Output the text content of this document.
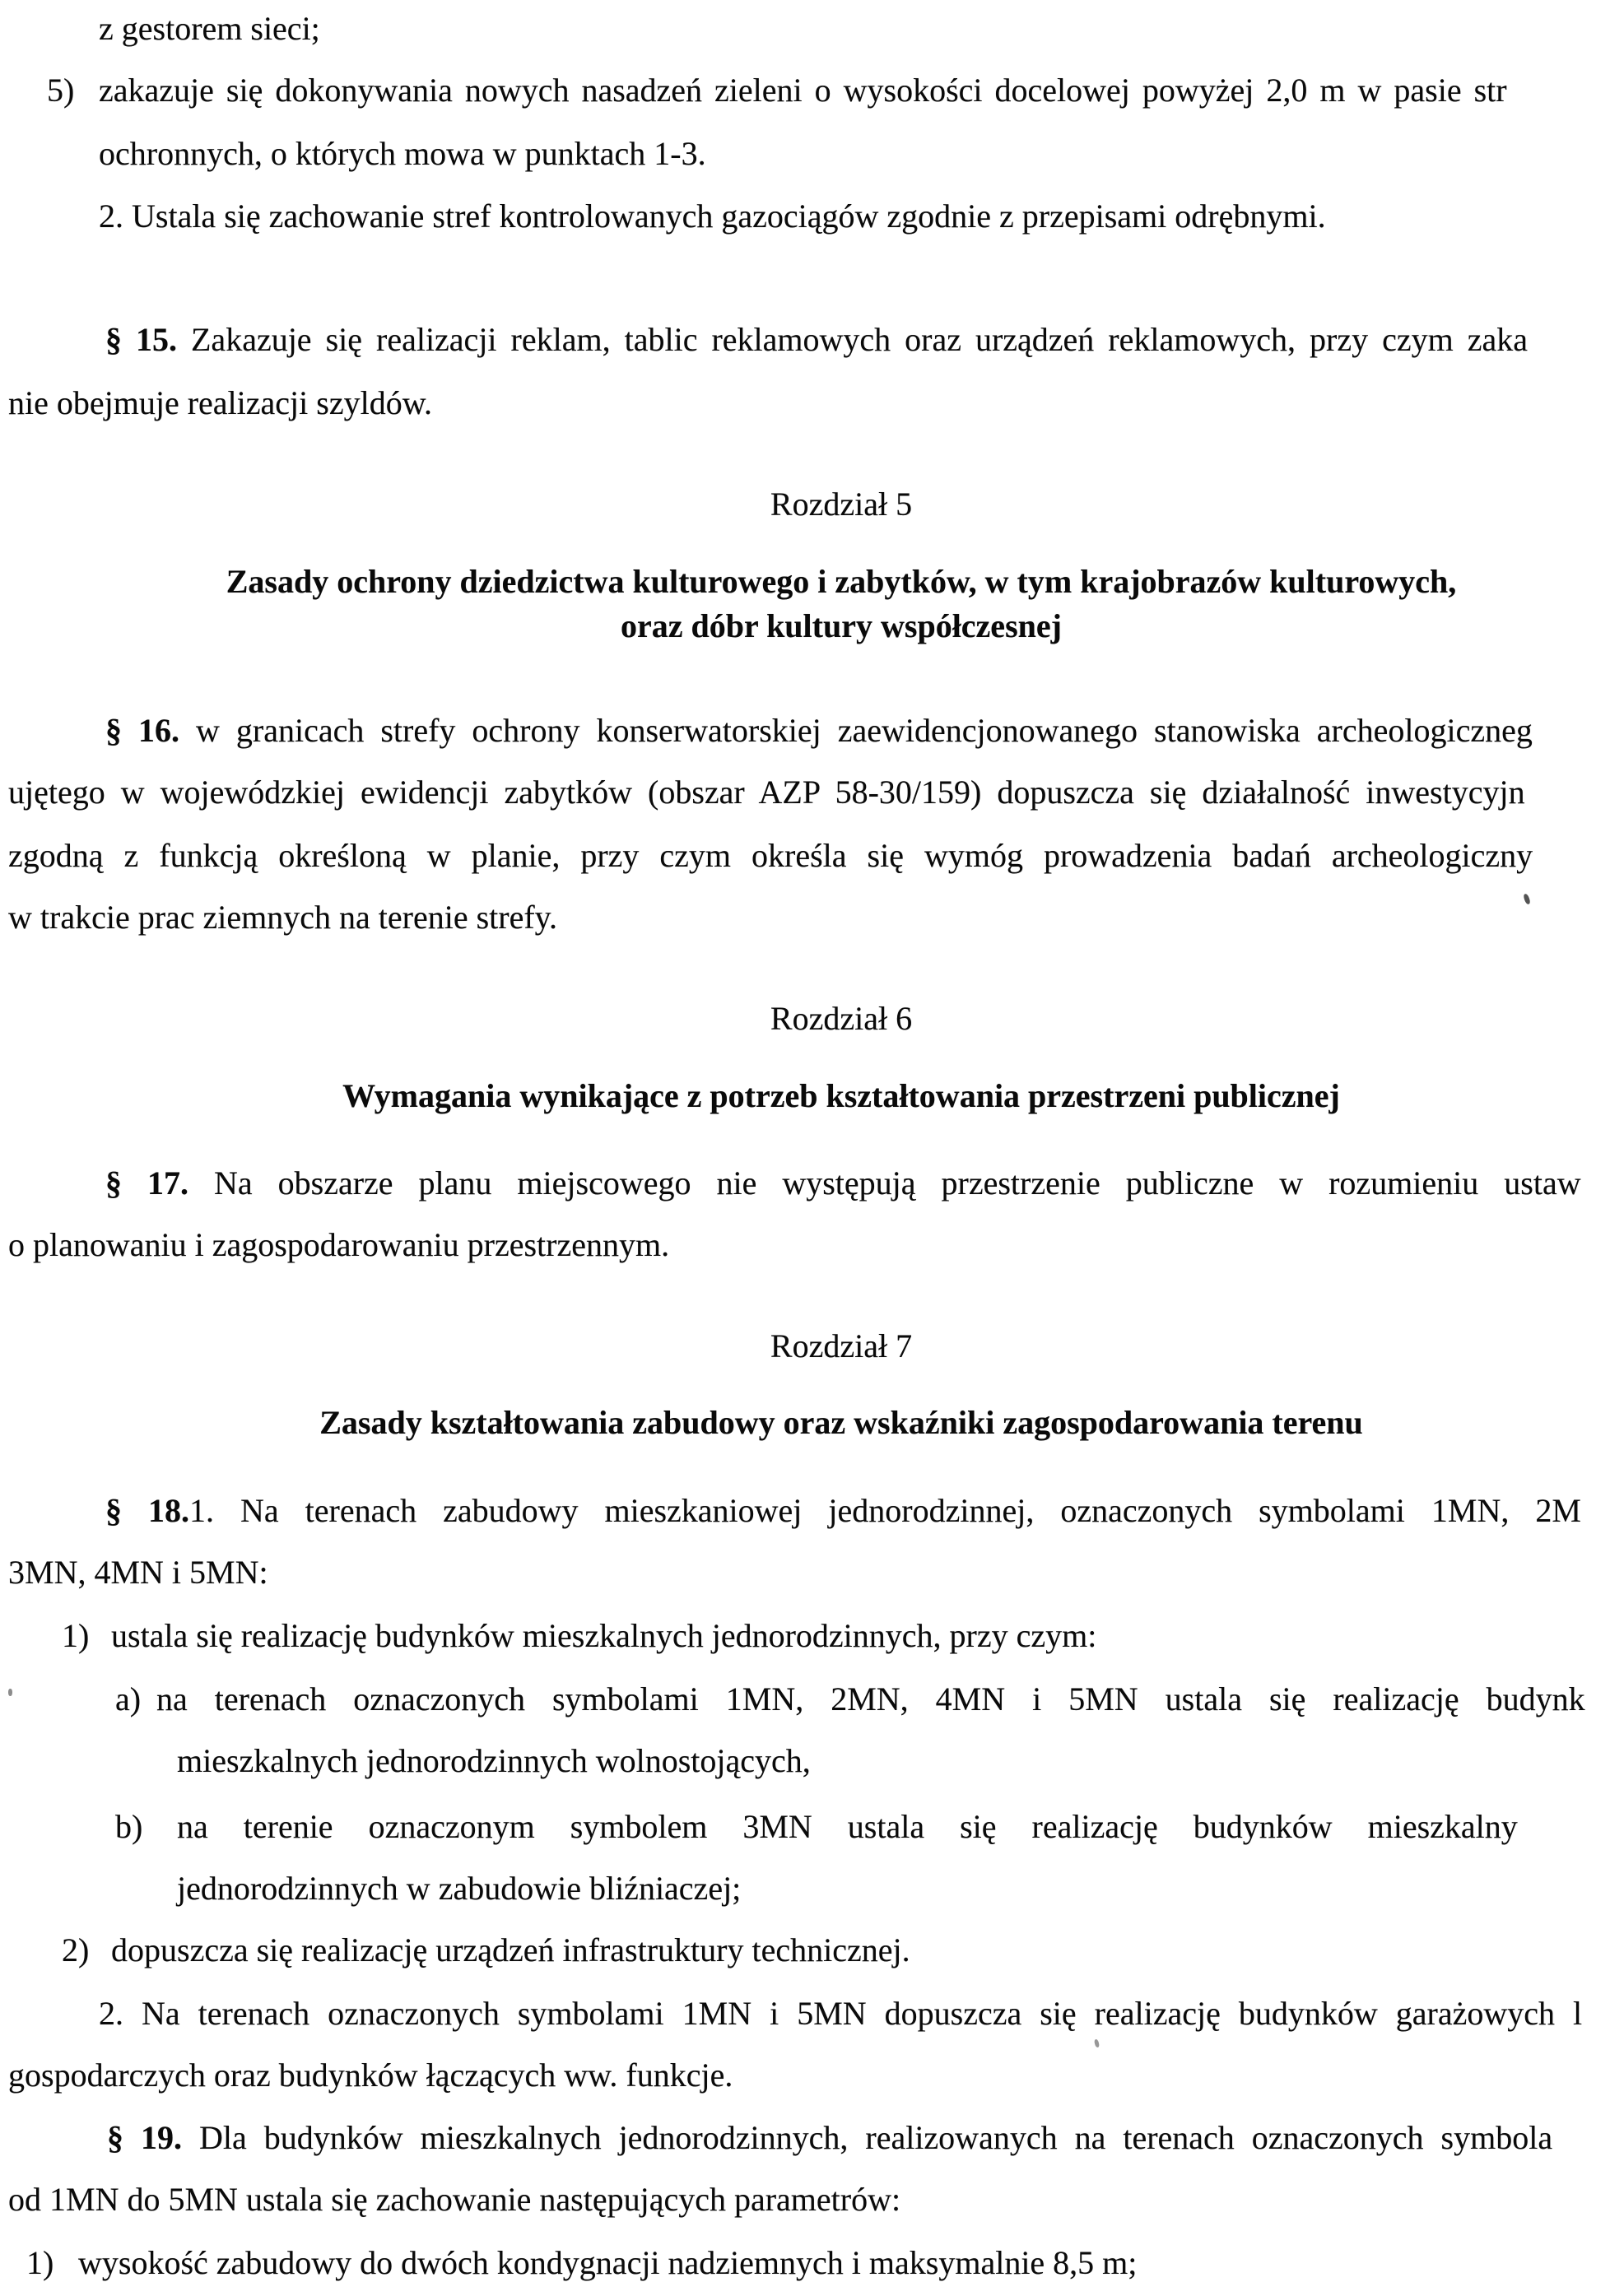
z gestorem sieci;
5) zakazuje się dokonywania nowych nasadzeń zieleni o wysokości docelowej powyżej 2,0 m w pasie str
ochronnych, o których mowa w punktach 1-3.
2. Ustala się zachowanie stref kontrolowanych gazociągów zgodnie z przepisami odrębnymi.
§ 15. Zakazuje się realizacji reklam, tablic reklamowych oraz urządzeń reklamowych, przy czym zaka
nie obejmuje realizacji szyldów.
Rozdział 5
Zasady ochrony dziedzictwa kulturowego i zabytków, w tym krajobrazów kulturowych,
oraz dóbr kultury współczesnej
§ 16. w granicach strefy ochrony konserwatorskiej zaewidencjonowanego stanowiska archeologiczneg
ujętego w wojewódzkiej ewidencji zabytków (obszar AZP 58-30/159) dopuszcza się działalność inwestycyjn
zgodną z funkcją określoną w planie, przy czym określa się wymóg prowadzenia badań archeologiczny
w trakcie prac ziemnych na terenie strefy.
Rozdział 6
Wymagania wynikające z potrzeb kształtowania przestrzeni publicznej
§ 17. Na obszarze planu miejscowego nie występują przestrzenie publiczne w rozumieniu ustaw
o planowaniu i zagospodarowaniu przestrzennym.
Rozdział 7
Zasady kształtowania zabudowy oraz wskaźniki zagospodarowania terenu
§ 18.1. Na terenach zabudowy mieszkaniowej jednorodzinnej, oznaczonych symbolami 1MN, 2M
3MN, 4MN i 5MN:
1) ustala się realizację budynków mieszkalnych jednorodzinnych, przy czym:
a) na terenach oznaczonych symbolami 1MN, 2MN, 4MN i 5MN ustala się realizację budynk
mieszkalnych jednorodzinnych wolnostojących,
b) na terenie oznaczonym symbolem 3MN ustala się realizację budynków mieszkalny
jednorodzinnych w zabudowie bliźniaczej;
2) dopuszcza się realizację urządzeń infrastruktury technicznej.
2. Na terenach oznaczonych symbolami 1MN i 5MN dopuszcza się realizację budynków garażowych l
gospodarczych oraz budynków łączących ww. funkcje.
§ 19. Dla budynków mieszkalnych jednorodzinnych, realizowanych na terenach oznaczonych symbola
od 1MN do 5MN ustala się zachowanie następujących parametrów:
1) wysokość zabudowy do dwóch kondygnacji nadziemnych i maksymalnie 8,5 m;
